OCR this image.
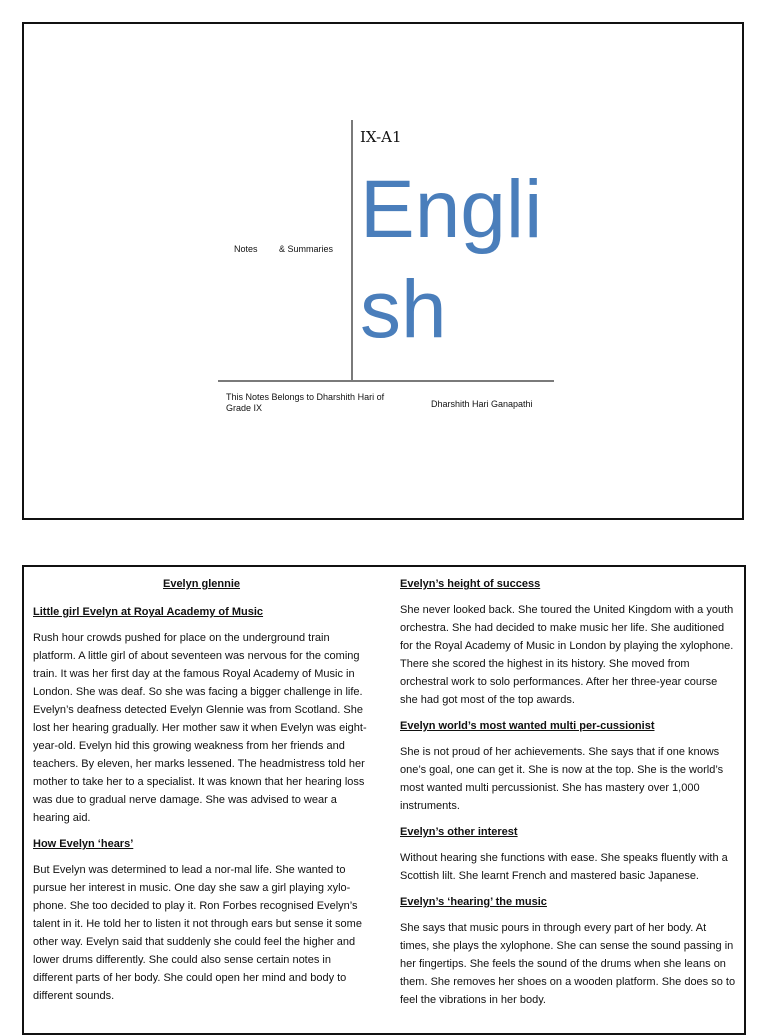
IX-A1
English
Notes & Summaries
This Notes Belongs to Dharshith Hari of Grade IX	Dharshith Hari Ganapathi
Evelyn glennie
Little girl Evelyn at Royal Academy of Music

Rush hour crowds pushed for place on the underground train platform. A little girl of about seventeen was nervous for the coming train. It was her first day at the famous Royal Academy of Music in London. She was deaf. So she was facing a bigger challenge in life. Evelyn’s deafness detected Evelyn Glennie was from Scotland. She lost her hearing gradually. Her mother saw it when Evelyn was eight-year-old. Evelyn hid this growing weakness from her friends and teachers. By eleven, her marks lessened. The headmistress told her mother to take her to a specialist. It was known that her hearing loss was due to gradual nerve damage. She was advised to wear a hearing aid.

How Evelyn ‘hears’

But Evelyn was determined to lead a nor-mal life. She wanted to pursue her interest in music. One day she saw a girl playing xylo-phone. She too decided to play it. Ron Forbes recognised Evelyn’s talent in it. He told her to listen it not through ears but sense it some other way. Evelyn said that suddenly she could feel the higher and lower drums differently. She could also sense certain notes in different parts of her body. She could open her mind and body to different sounds.

Evelyn’s height of success

She never looked back. She toured the United Kingdom with a youth orchestra. She had decided to make music her life. She auditioned for the Royal Academy of Music in London by playing the xylophone. There she scored the highest in its history. She moved from orchestral work to solo performances. After her three-year course she had got most of the top awards.

Evelyn world’s most wanted multi per-cussionist

She is not proud of her achievements. She says that if one knows one’s goal, one can get it. She is now at the top. She is the world’s most wanted multi percussionist. She has mastery over 1,000 instruments.

Evelyn’s other interest

Without hearing she functions with ease. She speaks fluently with a Scottish lilt. She learnt French and mastered basic Japanese.

Evelyn’s ‘hearing’ the music

She says that music pours in through every part of her body. At times, she plays the xylophone. She can sense the sound passing in her fingertips. She feels the sound of the drums when she leans on them. She removes her shoes on a wooden platform. She does so to feel the vibrations in her body.
